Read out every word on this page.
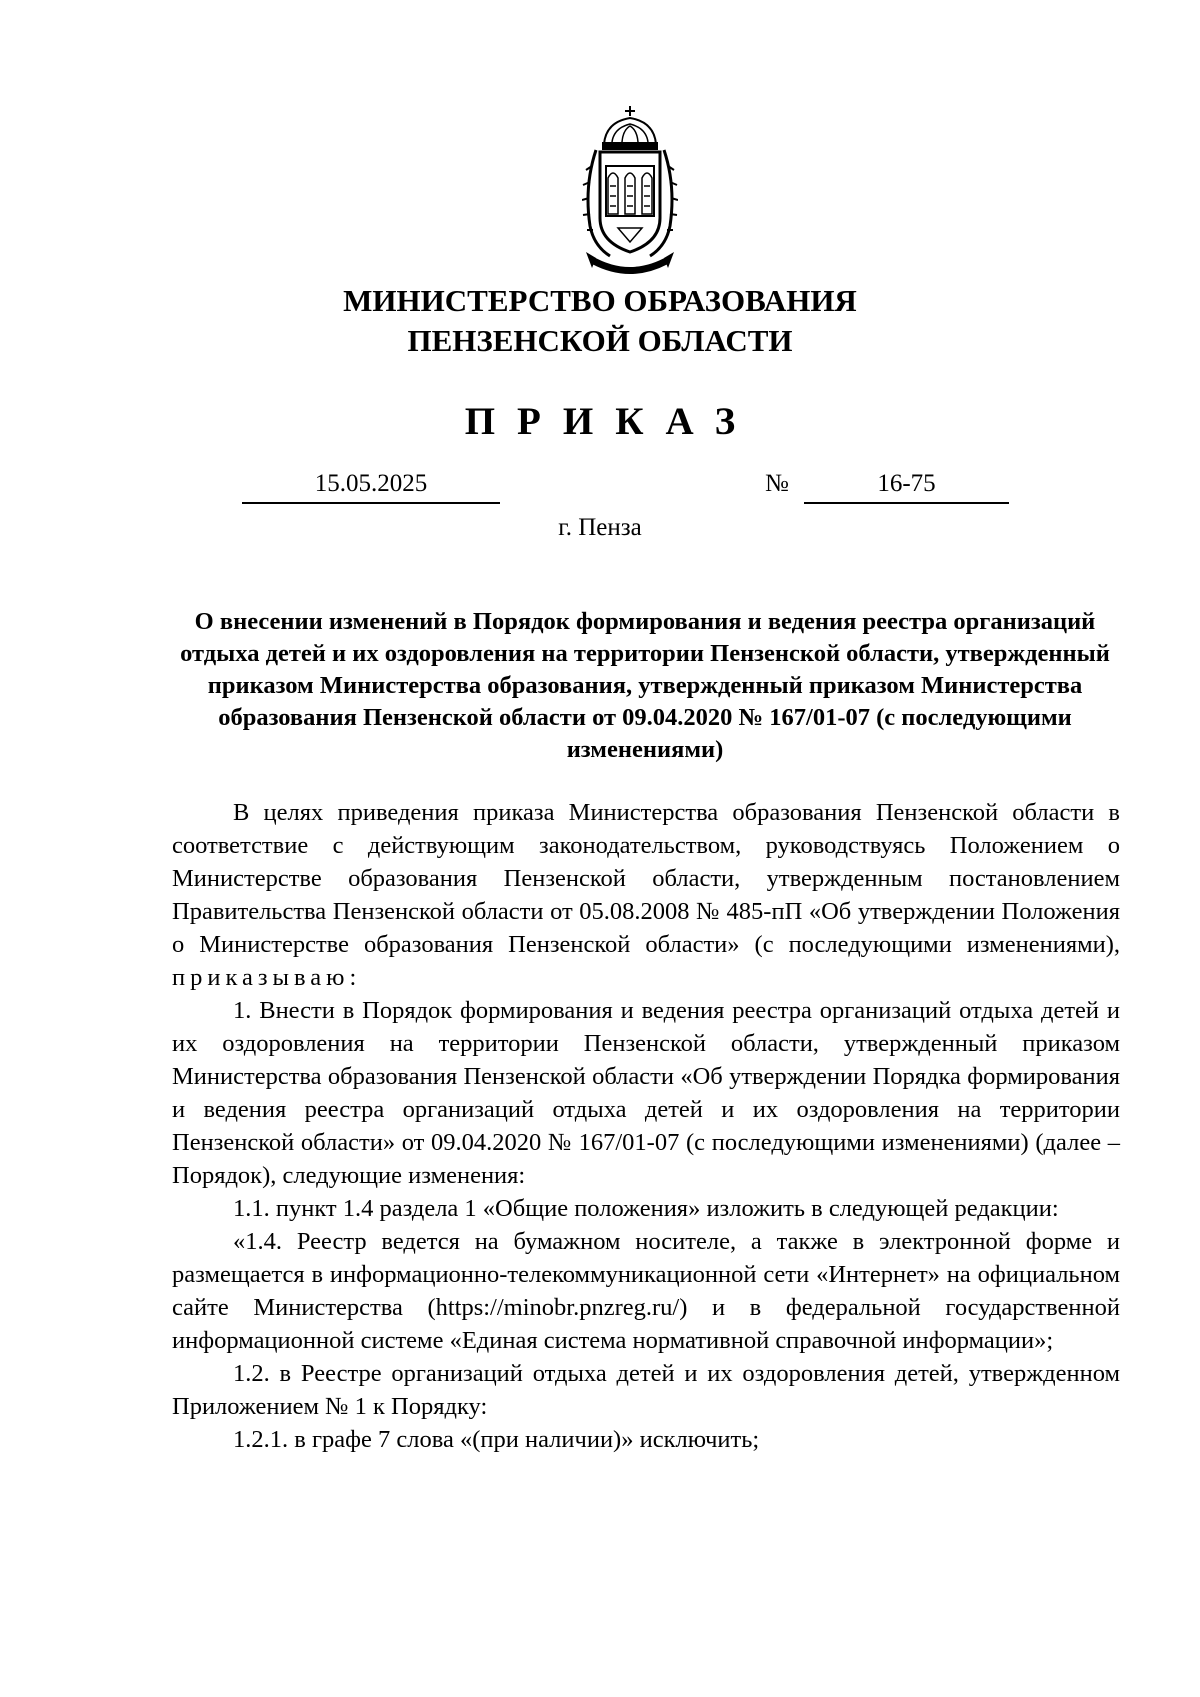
МИНИСТЕРСТВО ОБРАЗОВАНИЯ
ПЕНЗЕНСКОЙ ОБЛАСТИ
ПРИКАЗ
15.05.2025	№	16-75
г. Пенза
О внесении изменений в Порядок формирования и ведения реестра организаций отдыха детей и их оздоровления на территории Пензенской области, утвержденный приказом Министерства образования, утвержденный приказом Министерства образования Пензенской области от 09.04.2020 № 167/01-07 (с последующими изменениями)

В целях приведения приказа Министерства образования Пензенской области в соответствие с действующим законодательством, руководствуясь Положением о Министерстве образования Пензенской области, утвержденным постановлением Правительства Пензенской области от 05.08.2008 № 485-пП «Об утверждении Положения о Министерстве образования Пензенской области» (с последующими изменениями), приказываю:

1. Внести в Порядок формирования и ведения реестра организаций отдыха детей и их оздоровления на территории Пензенской области, утвержденный приказом Министерства образования Пензенской области «Об утверждении Порядка формирования и ведения реестра организаций отдыха детей и их оздоровления на территории Пензенской области» от 09.04.2020 № 167/01-07 (с последующими изменениями) (далее – Порядок), следующие изменения:

1.1. пункт 1.4 раздела 1 «Общие положения» изложить в следующей редакции:

«1.4. Реестр ведется на бумажном носителе, а также в электронной форме и размещается в информационно-телекоммуникационной сети «Интернет» на официальном сайте Министерства (https://minobr.pnzreg.ru/) и в федеральной государственной информационной системе «Единая система нормативной справочной информации»;

1.2. в Реестре организаций отдыха детей и их оздоровления детей, утвержденном Приложением № 1 к Порядку:

1.2.1. в графе 7 слова «(при наличии)» исключить;
